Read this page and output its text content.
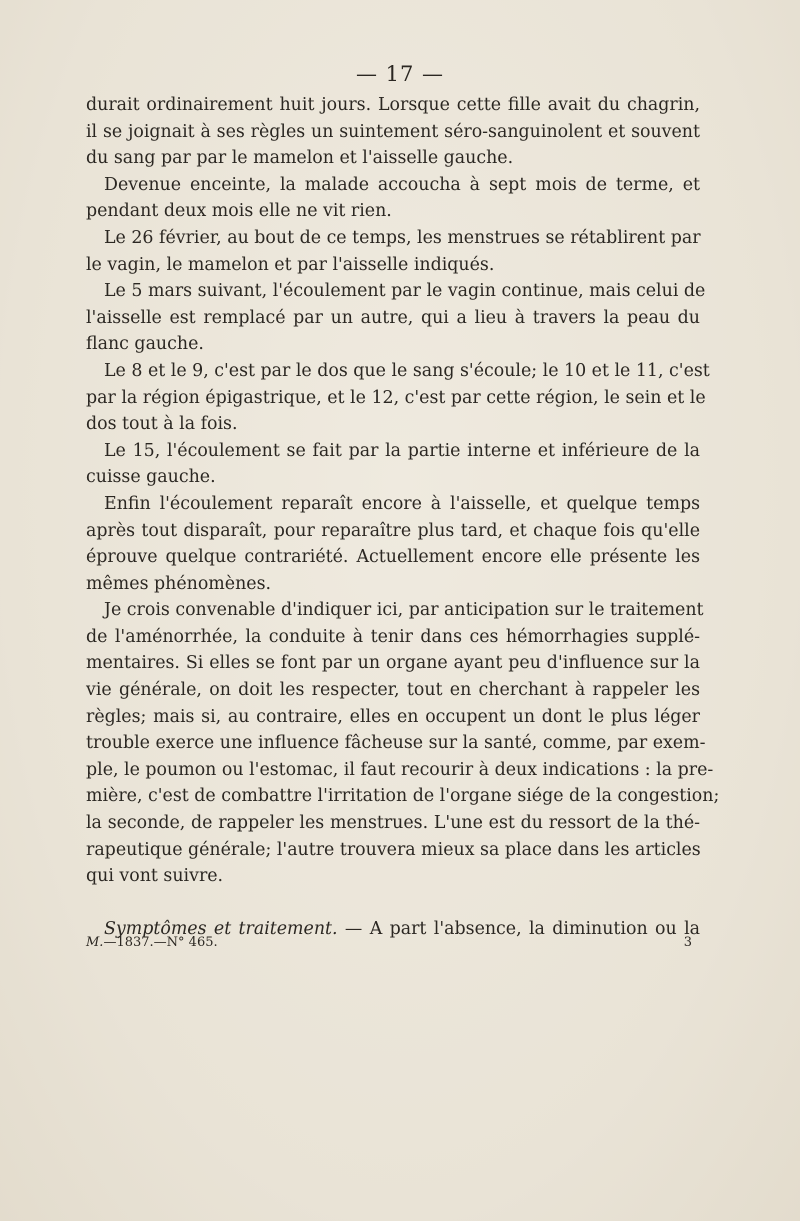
— 17 —
durait ordinairement huit jours. Lorsque cette fille avait du chagrin,
il se joignait à ses règles un suintement séro-sanguinolent et souvent
du sang par par le mamelon et l'aisselle gauche.
Devenue enceinte, la malade accoucha à sept mois de terme, et
pendant deux mois elle ne vit rien.
Le 26 février, au bout de ce temps, les menstrues se rétablirent par
le vagin, le mamelon et par l'aisselle indiqués.
Le 5 mars suivant, l'écoulement par le vagin continue, mais celui de
l'aisselle est remplacé par un autre, qui a lieu à travers la peau du
flanc gauche.
Le 8 et le 9, c'est par le dos que le sang s'écoule; le 10 et le 11, c'est
par la région épigastrique, et le 12, c'est par cette région, le sein et le
dos tout à la fois.
Le 15, l'écoulement se fait par la partie interne et inférieure de la
cuisse gauche.
Enfin l'écoulement reparaît encore à l'aisselle, et quelque temps
après tout disparaît, pour reparaître plus tard, et chaque fois qu'elle
éprouve quelque contrariété. Actuellement encore elle présente les
mêmes phénomènes.
Je crois convenable d'indiquer ici, par anticipation sur le traitement
de l'aménorrhée, la conduite à tenir dans ces hémorrhagies supplé-
mentaires. Si elles se font par un organe ayant peu d'influence sur la
vie générale, on doit les respecter, tout en cherchant à rappeler les
règles; mais si, au contraire, elles en occupent un dont le plus léger
trouble exerce une influence fâcheuse sur la santé, comme, par exem-
ple, le poumon ou l'estomac, il faut recourir à deux indications : la pre-
mière, c'est de combattre l'irritation de l'organe siége de la congestion;
la seconde, de rappeler les menstrues. L'une est du ressort de la thé-
rapeutique générale; l'autre trouvera mieux sa place dans les articles
qui vont suivre.
Symptômes et traitement. — A part l'absence, la diminution ou la
M.—1837.—N° 465.	3
